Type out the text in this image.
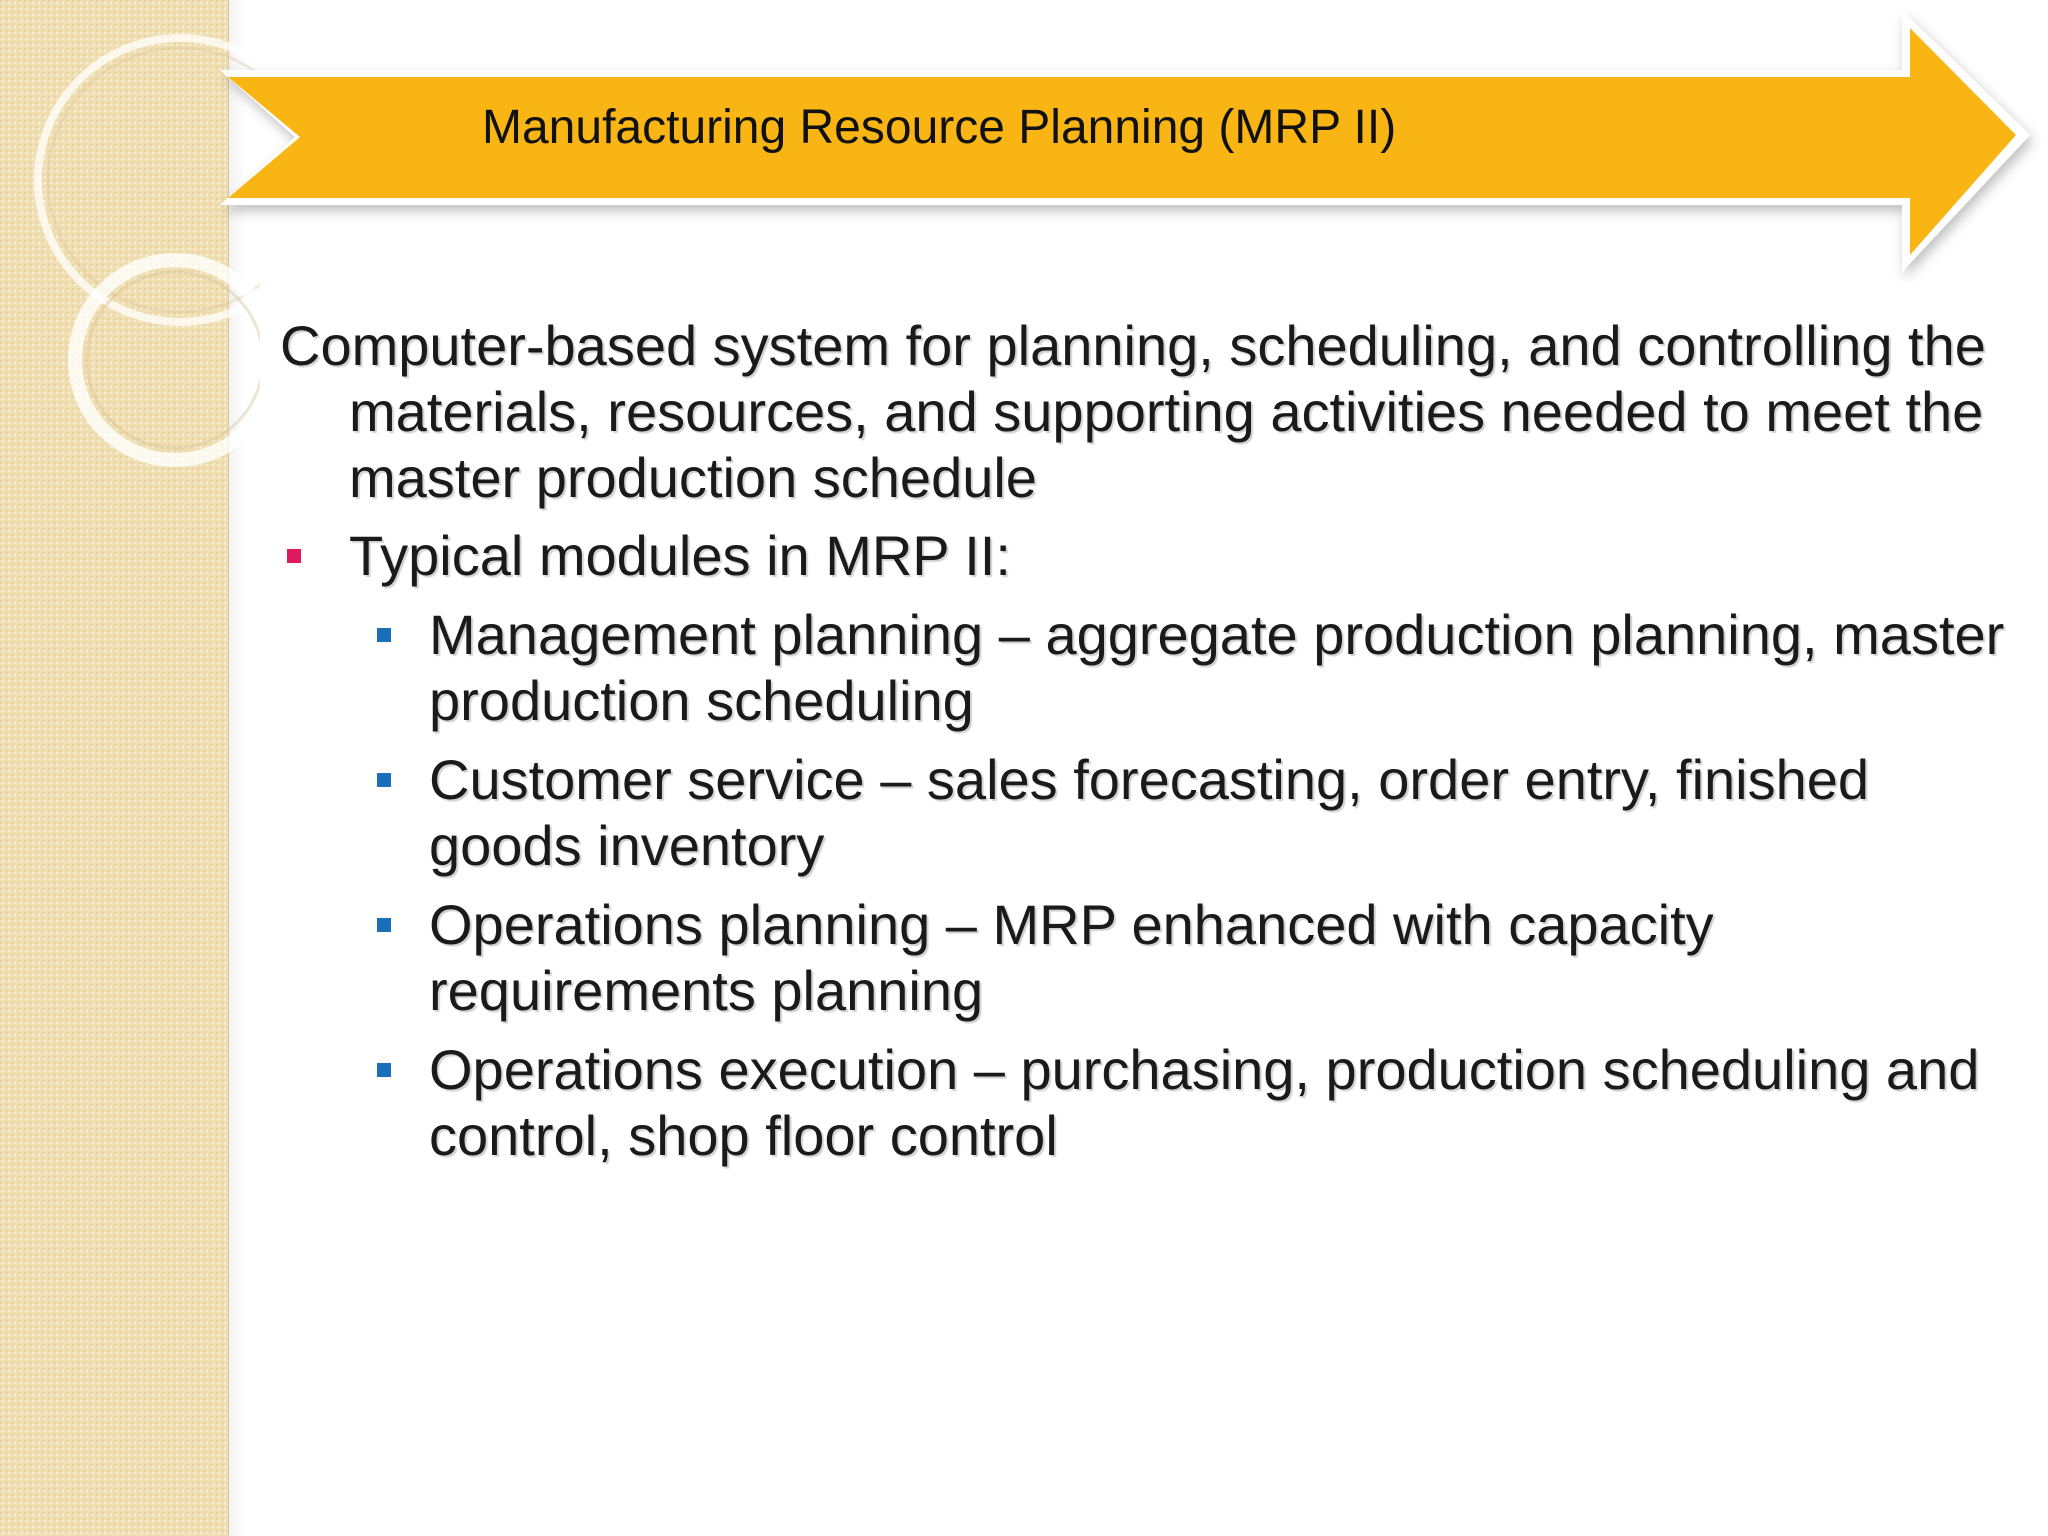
Manufacturing Resource Planning (MRP II)

Computer-based system for planning, scheduling, and controlling the materials, resources, and supporting activities needed to meet the master production schedule

Typical modules in MRP II:
Management planning – aggregate production planning, master production scheduling
Customer service – sales forecasting, order entry, finished goods inventory
Operations planning – MRP enhanced with capacity requirements planning
Operations execution – purchasing, production scheduling and control, shop floor control
